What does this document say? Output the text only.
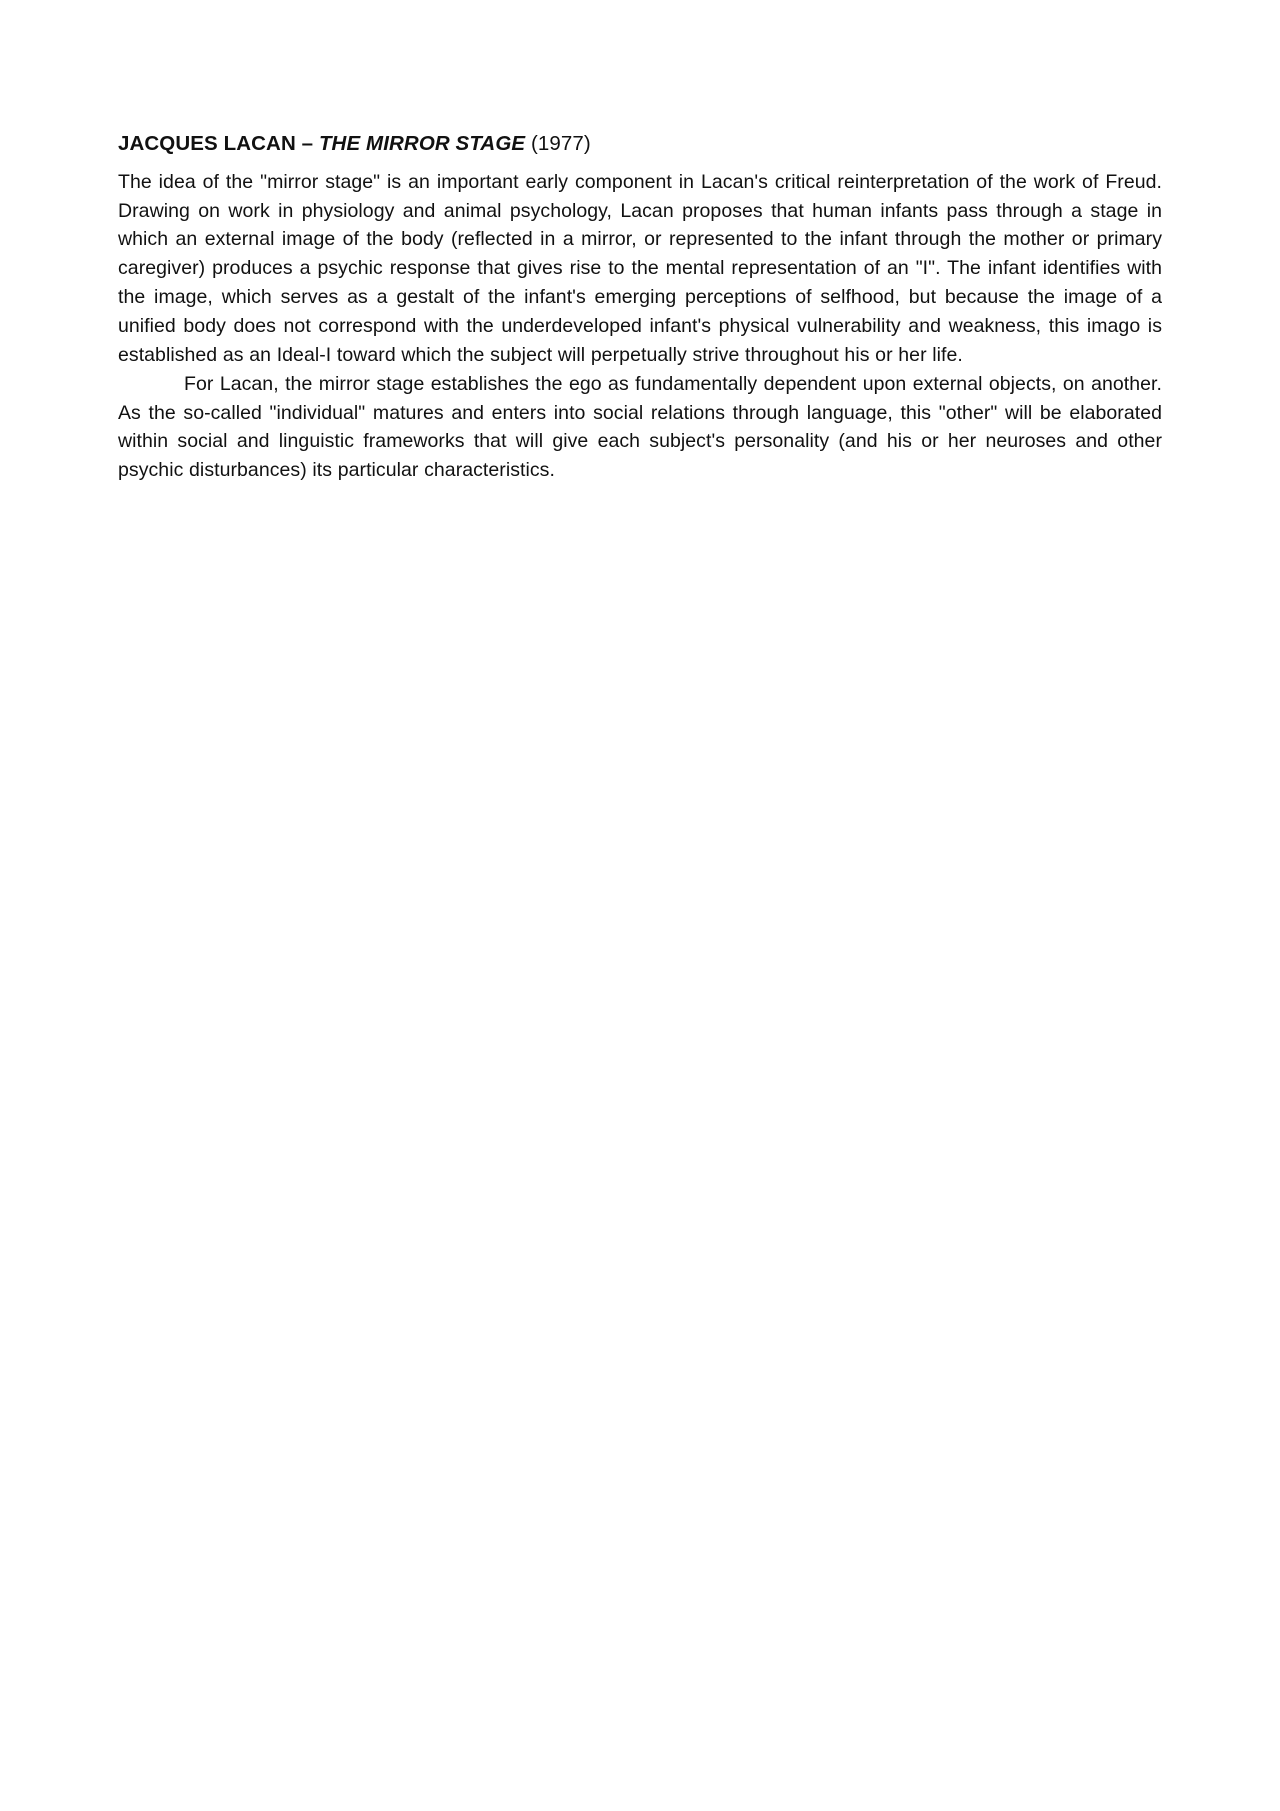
JACQUES LACAN – THE MIRROR STAGE (1977)

The idea of the "mirror stage" is an important early component in Lacan's critical reinterpretation of the work of Freud. Drawing on work in physiology and animal psychology, Lacan proposes that human infants pass through a stage in which an external image of the body (reflected in a mirror, or represented to the infant through the mother or primary caregiver) produces a psychic response that gives rise to the mental representation of an "I". The infant identifies with the image, which serves as a gestalt of the infant's emerging perceptions of selfhood, but because the image of a unified body does not correspond with the underdeveloped infant's physical vulnerability and weakness, this imago is established as an Ideal-I toward which the subject will perpetually strive throughout his or her life.

For Lacan, the mirror stage establishes the ego as fundamentally dependent upon external objects, on another. As the so-called "individual" matures and enters into social relations through language, this "other" will be elaborated within social and linguistic frameworks that will give each subject's personality (and his or her neuroses and other psychic disturbances) its particular characteristics.
